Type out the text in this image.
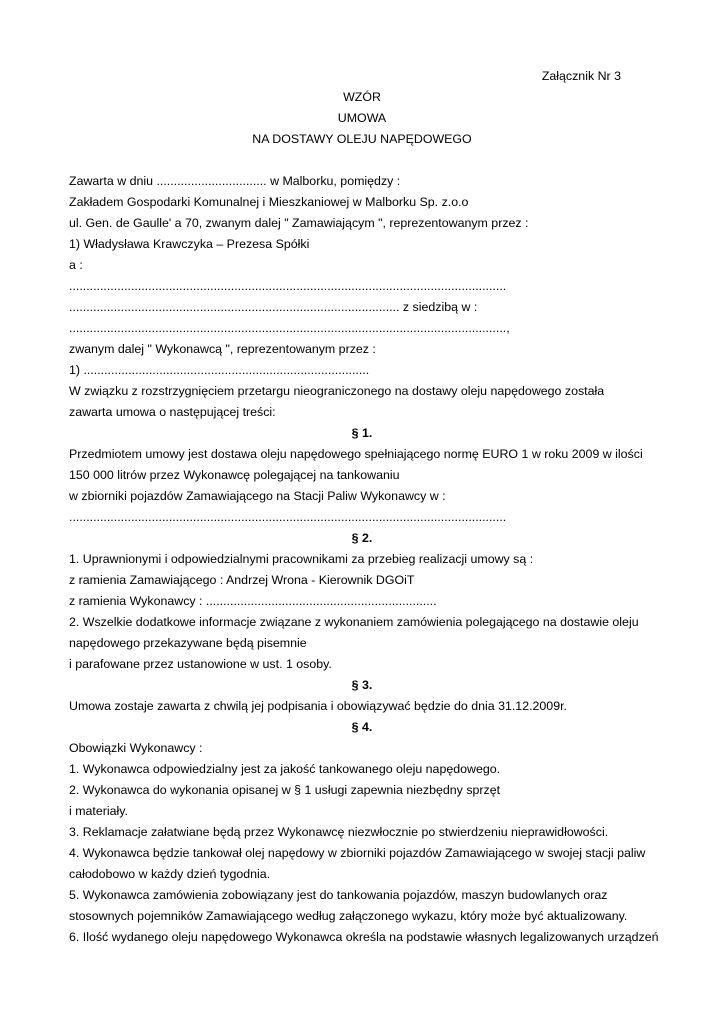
Załącznik Nr 3
WZÓR
UMOWA
NA DOSTAWY OLEJU NAPĘDOWEGO
Zawarta w dniu ................................ w Malborku, pomiędzy :
Zakładem Gospodarki Komunalnej i Mieszkaniowej w Malborku Sp. z.o.o
ul. Gen. de Gaulle' a 70, zwanym dalej " Zamawiającym ", reprezentowanym przez :
1) Władysława Krawczyka – Prezesa Spółki
a :
...............................................................................................................................
................................................................................................ z siedzibą w :
...............................................................................................................................,
zwanym dalej " Wykonawcą ", reprezentowanym przez :
1) ...................................................................................
W związku z rozstrzygnięciem przetargu nieograniczonego na dostawy oleju napędowego została
zawarta umowa o następującej treści:
§ 1.
Przedmiotem umowy jest dostawa oleju napędowego spełniającego normę EURO 1 w roku 2009 w ilości
150 000 litrów przez Wykonawcę polegającej na tankowaniu
w zbiorniki pojazdów Zamawiającego na Stacji Paliw Wykonawcy w :
...............................................................................................................................
§ 2.
1. Uprawnionymi i odpowiedzialnymi pracownikami za przebieg realizacji umowy są :
z ramienia Zamawiającego : Andrzej Wrona - Kierownik DGOiT
z ramienia Wykonawcy : ...................................................................
2. Wszelkie dodatkowe informacje związane z wykonaniem zamówienia polegającego na dostawie oleju
napędowego przekazywane będą pisemnie
i parafowane przez ustanowione w ust. 1 osoby.
§ 3.
Umowa zostaje zawarta z chwilą jej podpisania i obowiązywać będzie do dnia 31.12.2009r.
§ 4.
Obowiązki Wykonawcy :
1. Wykonawca odpowiedzialny jest za jakość tankowanego oleju napędowego.
2. Wykonawca do wykonania opisanej w § 1 usługi zapewnia niezbędny sprzęt
i materiały.
3. Reklamacje załatwiane będą przez Wykonawcę niezwłocznie po stwierdzeniu nieprawidłowości.
4. Wykonawca będzie tankował olej napędowy w zbiorniki pojazdów Zamawiającego w swojej stacji paliw
całodobowo w każdy dzień tygodnia.
5. Wykonawca zamówienia zobowiązany jest do tankowania pojazdów, maszyn budowlanych oraz
stosownych pojemników Zamawiającego według załączonego wykazu, który może być aktualizowany.
6. Ilość wydanego oleju napędowego Wykonawca określa na podstawie własnych legalizowanych urządzeń
